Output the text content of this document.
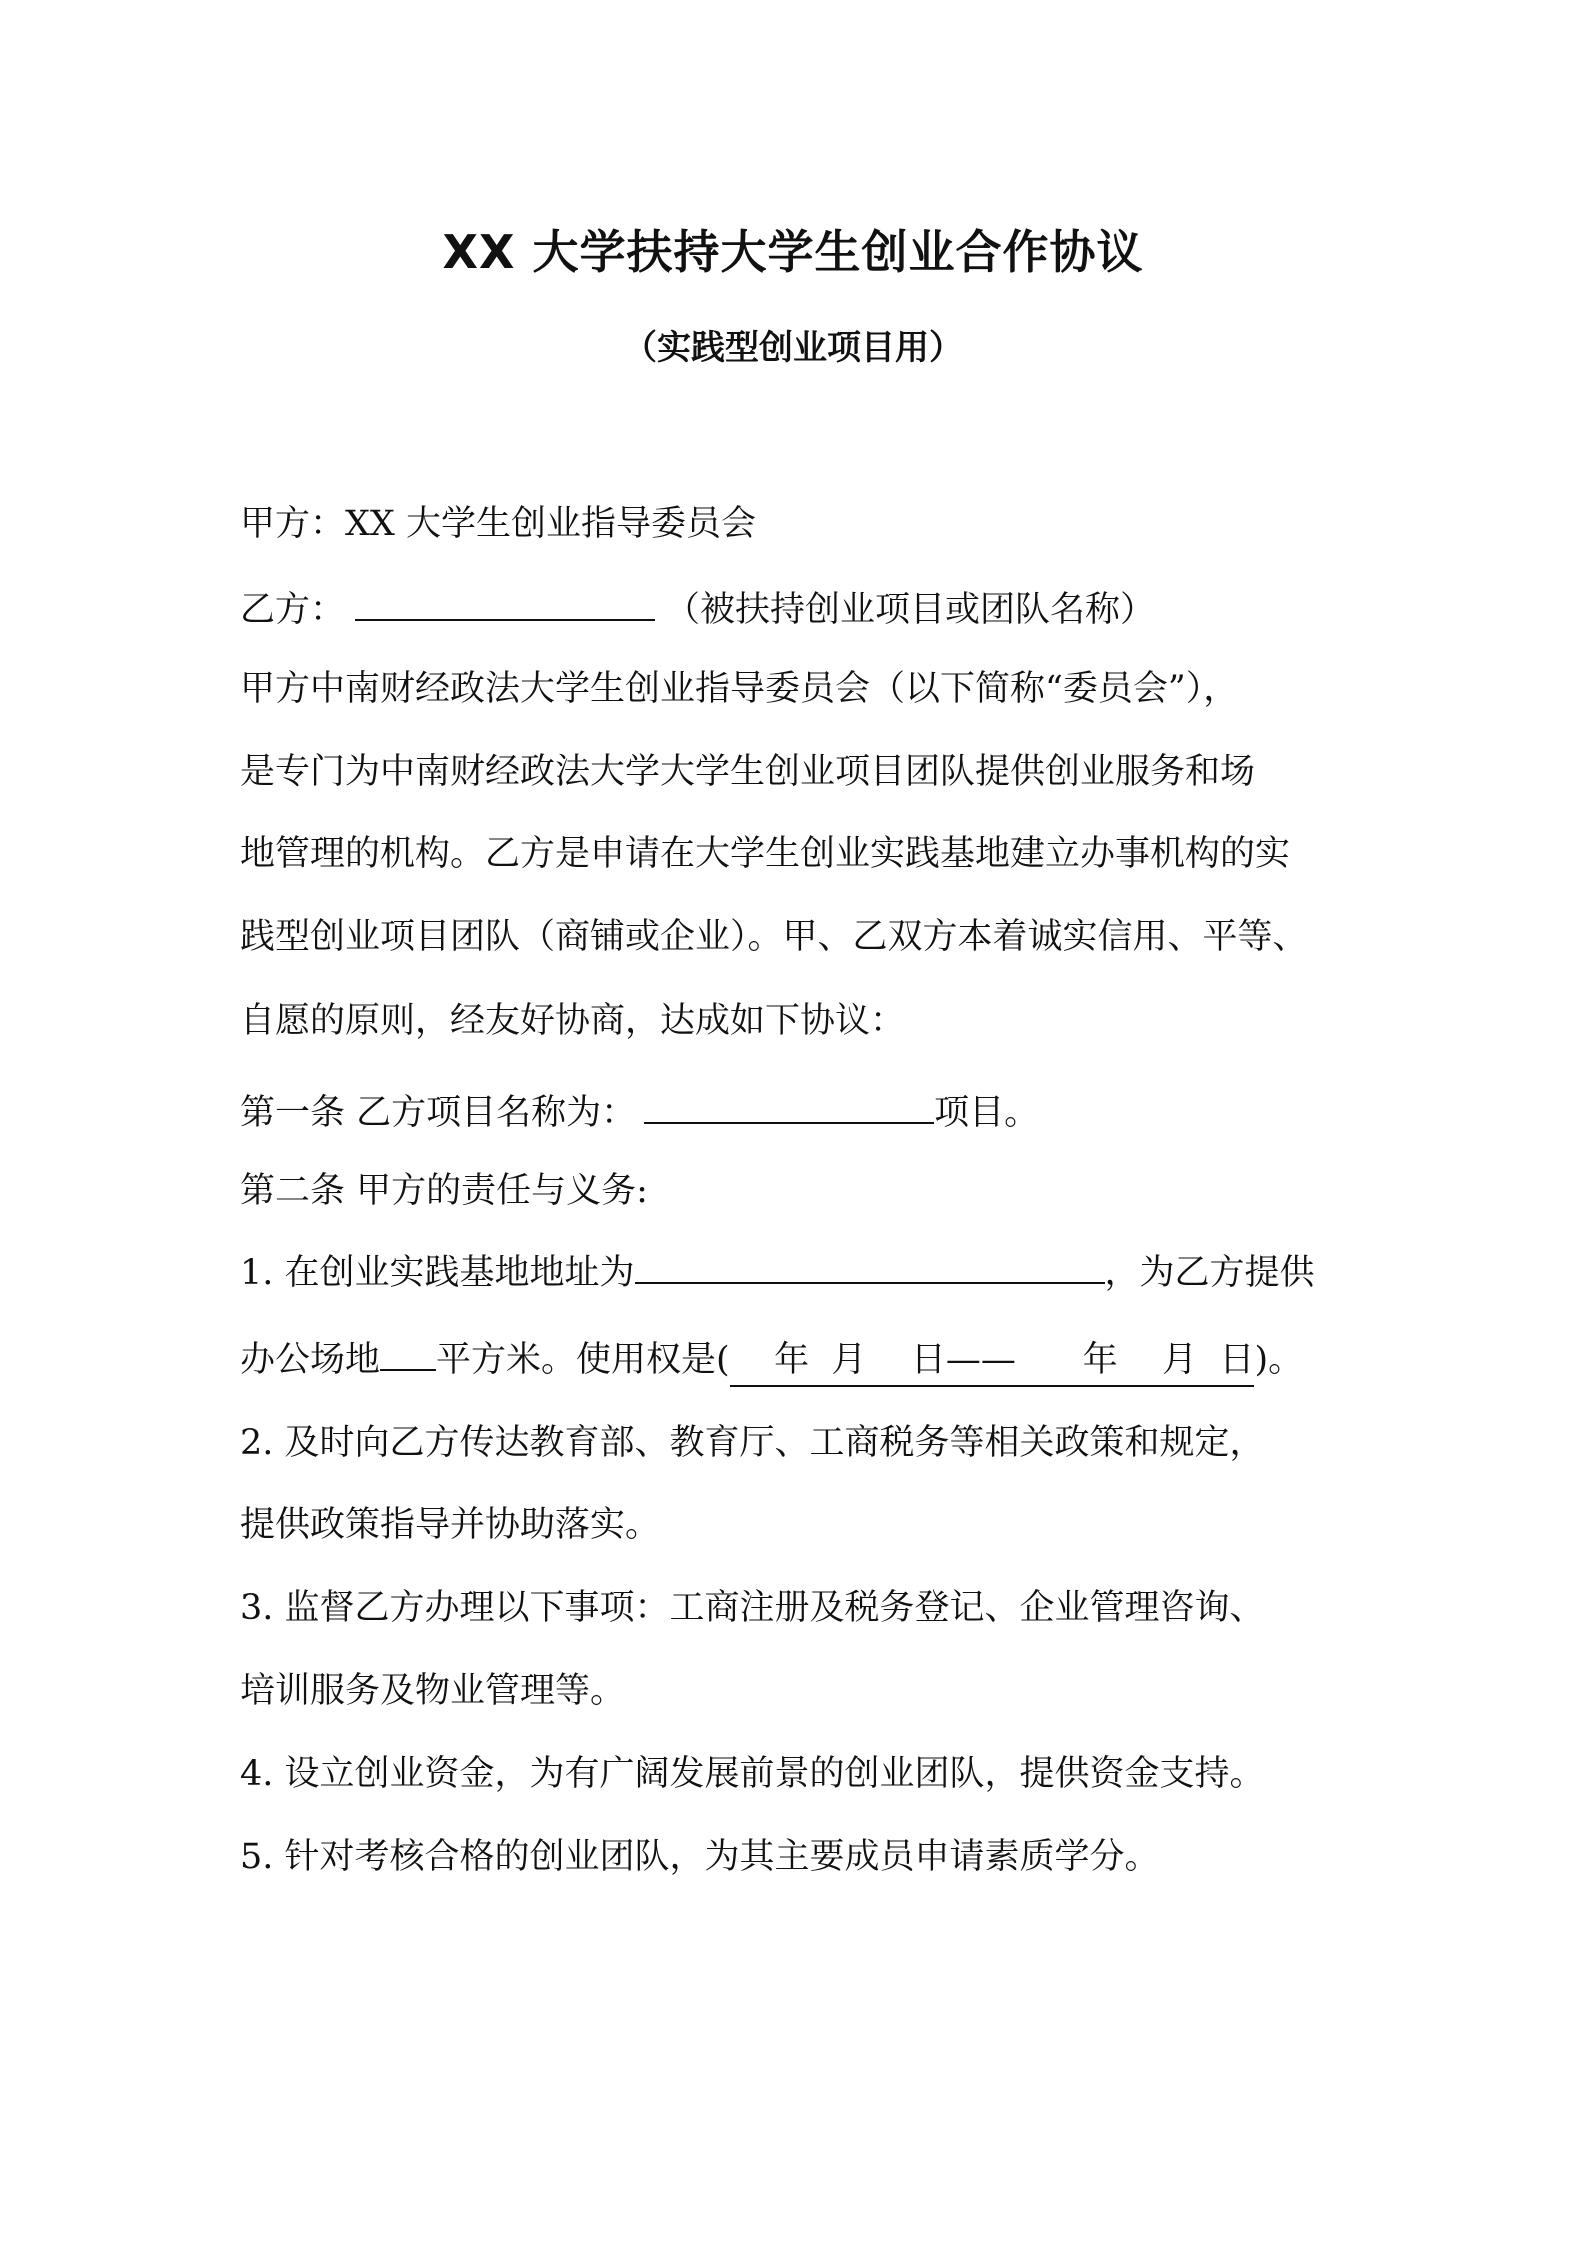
XX 大学扶持大学生创业合作协议
（实践型创业项目用）
甲方：XX 大学生创业指导委员会
乙方：	（被扶持创业项目或团队名称）
甲方中南财经政法大学生创业指导委员会（以下简称“委员会”），
是专门为中南财经政法大学大学生创业项目团队提供创业服务和场
地管理的机构。乙方是申请在大学生创业实践基地建立办事机构的实
践型创业项目团队（商铺或企业）。甲、乙双方本着诚实信用、平等、
自愿的原则，经友好协商，达成如下协议：
第一条 乙方项目名称为：	项目。
第二条 甲方的责任与义务:
1. 在创业实践基地地址为	，为乙方提供
办公场地 平方米。使用权是(    年  月    日——      年    月  日)。
2. 及时向乙方传达教育部、教育厅、工商税务等相关政策和规定，
提供政策指导并协助落实。
3. 监督乙方办理以下事项：工商注册及税务登记、企业管理咨询、
培训服务及物业管理等。
4. 设立创业资金，为有广阔发展前景的创业团队，提供资金支持。
5. 针对考核合格的创业团队，为其主要成员申请素质学分。
